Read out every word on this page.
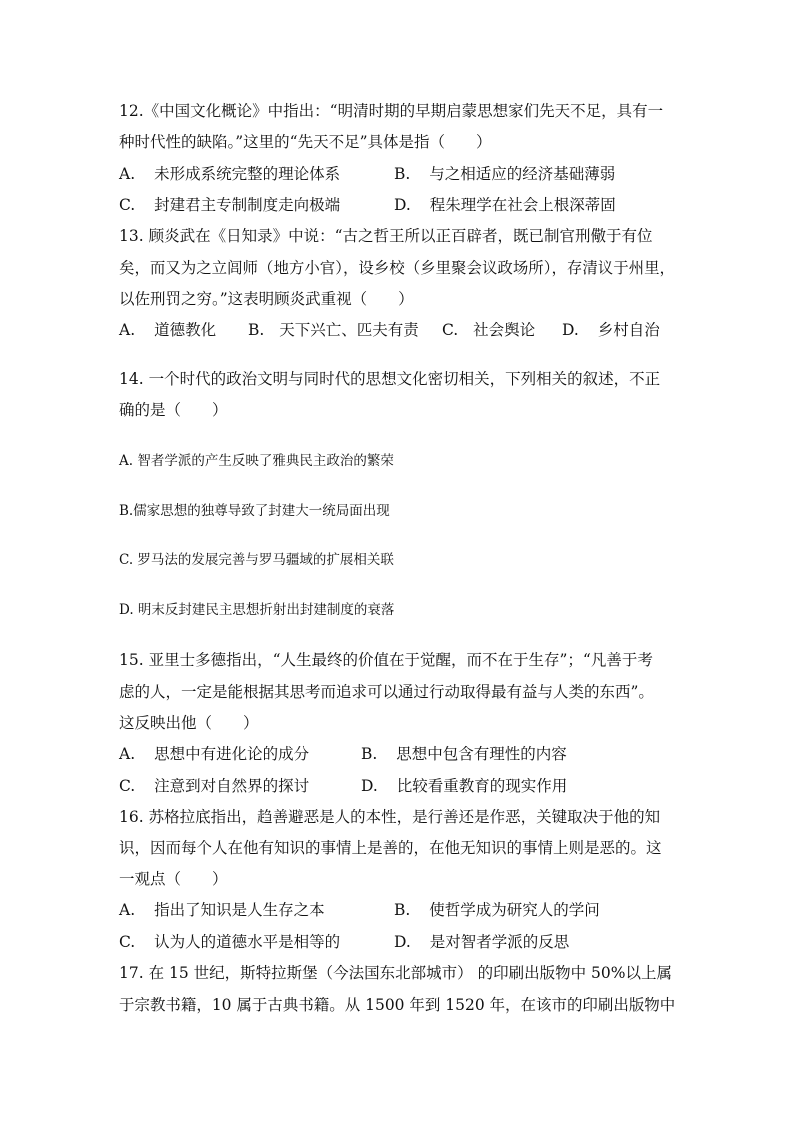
12.《中国文化概论》中指出：“明清时期的早期启蒙思想家们先天不足，具有一
种时代性的缺陷。”这里的“先天不足”具体是指（　　）
A. 未形成系统完整的理论体系	B. 与之相适应的经济基础薄弱
C. 封建君主专制制度走向极端	D. 程朱理学在社会上根深蒂固
13. 顾炎武在《日知录》中说：“古之哲王所以正百辟者，既已制官刑儆于有位
矣，而又为之立闾师（地方小官），设乡校（乡里聚会议政场所），存清议于州里，
以佐刑罚之穷。”这表明顾炎武重视（　　）
A. 道德教化 B. 天下兴亡、匹夫有责 C. 社会舆论 D. 乡村自治
14. 一个时代的政治文明与同时代的思想文化密切相关，下列相关的叙述，不正
确的是（　　）
A. 智者学派的产生反映了雅典民主政治的繁荣
B.儒家思想的独尊导致了封建大一统局面出现
C. 罗马法的发展完善与罗马疆域的扩展相关联
D. 明末反封建民主思想折射出封建制度的衰落
15. 亚里士多德指出，“人生最终的价值在于觉醒，而不在于生存”；“凡善于考
虑的人，一定是能根据其思考而追求可以通过行动取得最有益与人类的东西”。
这反映出他（　　）
A. 思想中有进化论的成分	B. 思想中包含有理性的内容
C. 注意到对自然界的探讨	D. 比较看重教育的现实作用
16. 苏格拉底指出，趋善避恶是人的本性，是行善还是作恶，关键取决于他的知
识，因而每个人在他有知识的事情上是善的，在他无知识的事情上则是恶的。这
一观点（　　）
A. 指出了知识是人生存之本	B. 使哲学成为研究人的学问
C. 认为人的道德水平是相等的	D. 是对智者学派的反思
17. 在 15 世纪，斯特拉斯堡（今法国东北部城市） 的印刷出版物中 50%以上属
于宗教书籍，10 属于古典书籍。从 1500 年到 1520 年，在该市的印刷出版物中
